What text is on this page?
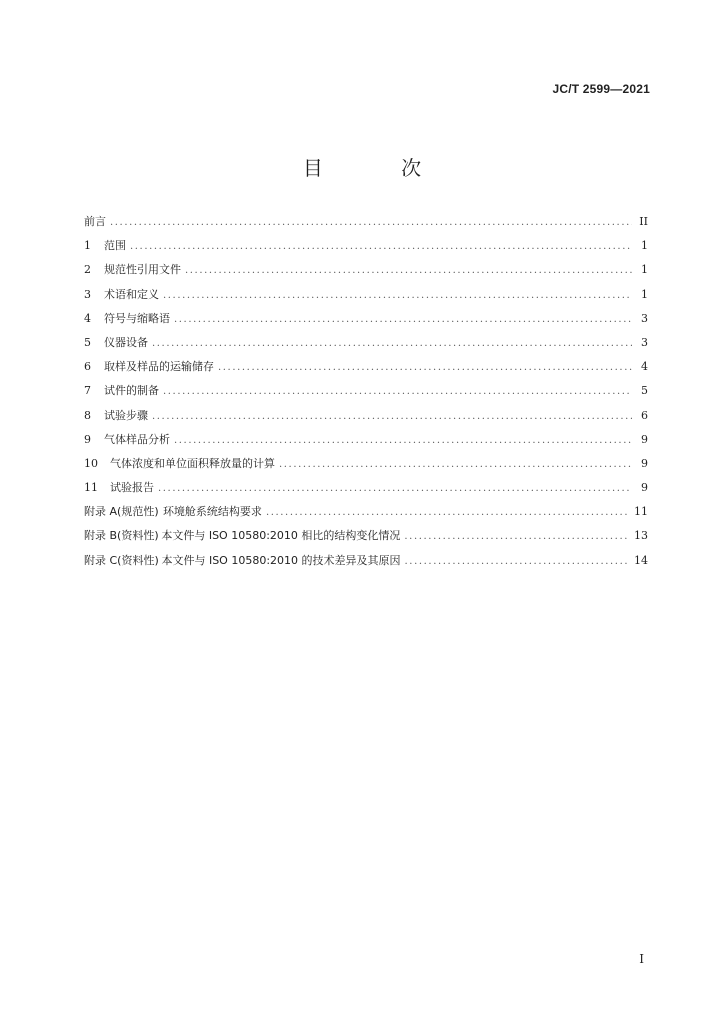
JC/T 2599—2021
目 次
前言 .....	II
1	范围 .....	1
2	规范性引用文件 .....	1
3	术语和定义 .....	1
4	符号与缩略语 .....	3
5	仪器设备 .....	3
6	取样及样品的运输储存 .....	4
7	试件的制备 .....	5
8	试验步骤 .....	6
9	气体样品分析 .....	9
10	气体浓度和单位面积释放量的计算 .....	9
11	试验报告 .....	9
附录 A(规范性) 环境舱系统结构要求 .....	11
附录 B(资料性) 本文件与 ISO 10580:2010 相比的结构变化情况 .....	13
附录 C(资料性) 本文件与 ISO 10580:2010 的技术差异及其原因 .....	14
I
